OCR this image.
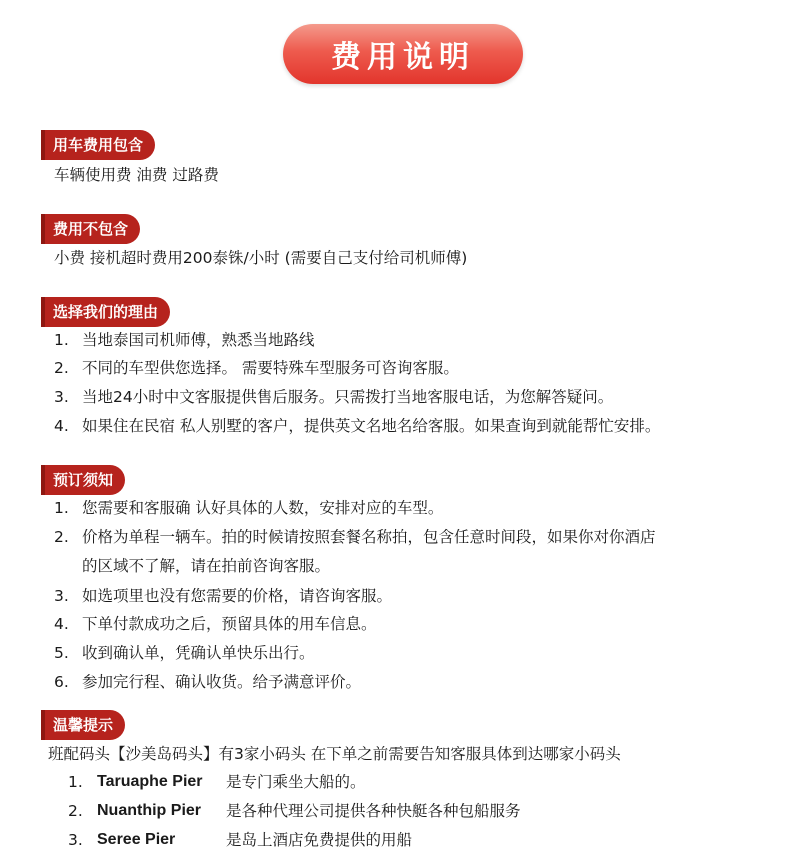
费用说明
用车费用包含
车辆使用费 油费 过路费
费用不包含
小费 接机超时费用200泰铢/小时 (需要自己支付给司机师傅)
选择我们的理由
1. 当地泰国司机师傅，熟悉当地路线
2. 不同的车型供您选择。 需要特殊车型服务可咨询客服。
3. 当地24小时中文客服提供售后服务。只需拨打当地客服电话，为您解答疑问。
4. 如果住在民宿 私人别墅的客户，提供英文名地名给客服。如果查询到就能帮忙安排。
预订须知
1. 您需要和客服确 认好具体的人数，安排对应的车型。
2. 价格为单程一辆车。拍的时候请按照套餐名称拍，包含任意时间段，如果你对你酒店
的区域不了解，请在拍前咨询客服。
3. 如选项里也没有您需要的价格，请咨询客服。
4. 下单付款成功之后，预留具体的用车信息。
5. 收到确认单，凭确认单快乐出行。
6. 参加完行程、确认收货。给予满意评价。
温馨提示
班配码头【沙美岛码头】有3家小码头 在下单之前需要告知客服具体到达哪家小码头
1. Taruaphe Pier 是专门乘坐大船的。
2. Nuanthip Pier 是各种代理公司提供各种快艇各种包船服务
3. Seree Pier	是岛上酒店免费提供的用船
